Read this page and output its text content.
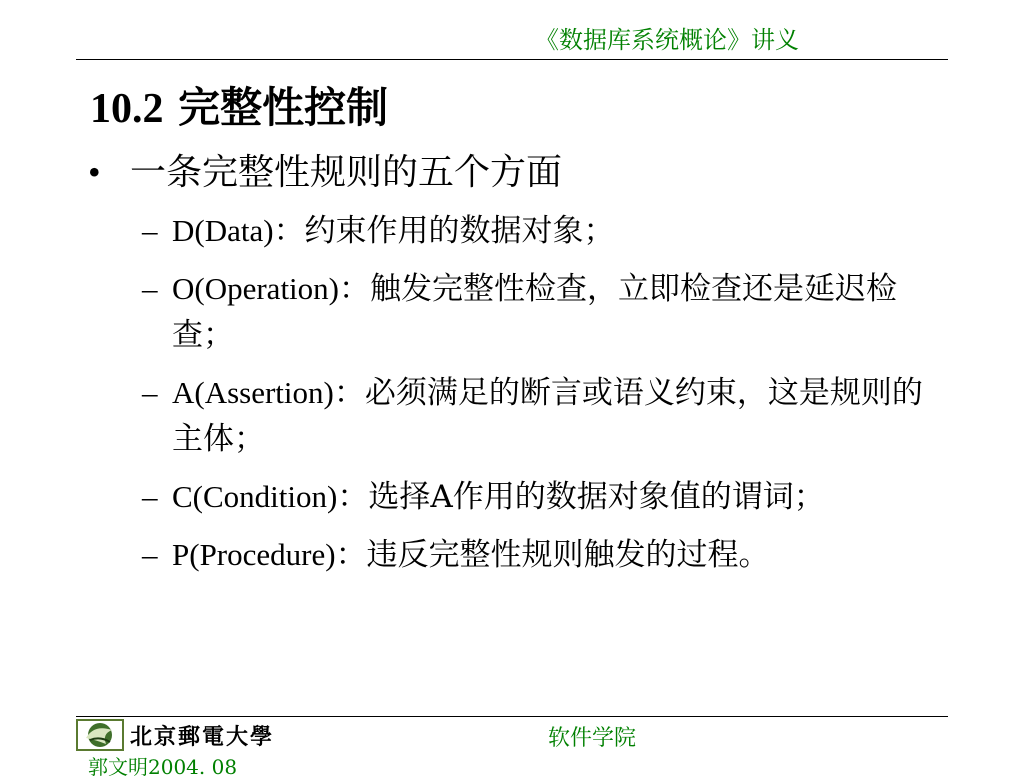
《数据库系统概论》讲义
10.2 完整性控制
• 一条完整性规则的五个方面
– D(Data)：约束作用的数据对象；
– O(Operation)：触发完整性检查，立即检查还是延迟检查；
– A(Assertion)：必须满足的断言或语义约束，这是规则的主体；
– C(Condition)：选择A作用的数据对象值的谓词；
– P(Procedure)：违反完整性规则触发的过程。
北京郵電大學	软件学院
郭文明2004. 08
